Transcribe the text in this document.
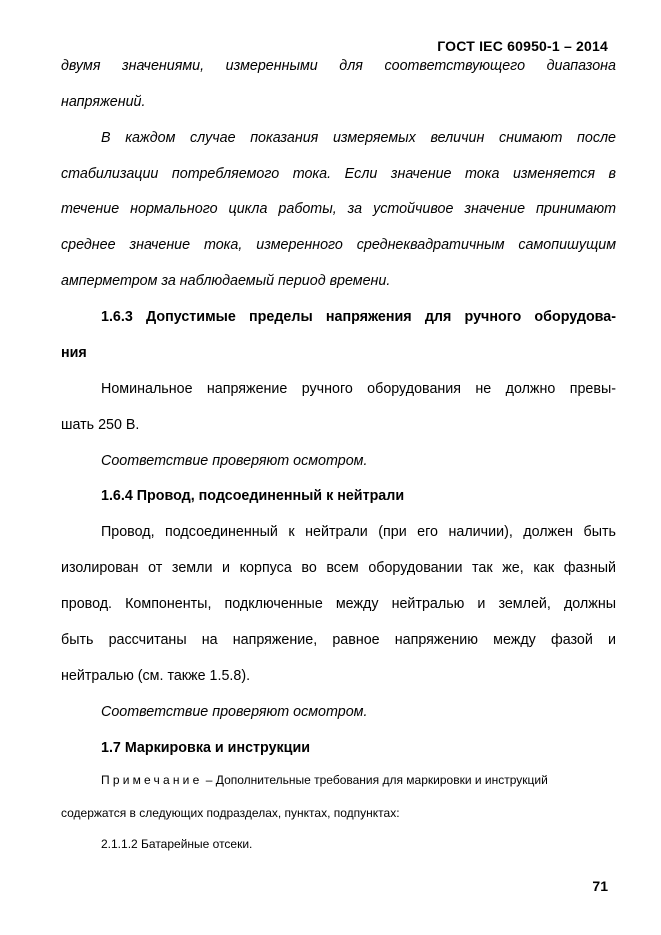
ГОСТ IEC 60950-1 – 2014
двумя значениями, измеренными для соответствующего диапазона
напряжений.
В каждом случае показания измеряемых величин снимают после
стабилизации потребляемого тока. Если значение тока изменяется в
течение нормального цикла работы, за устойчивое значение принимают
среднее значение тока, измеренного среднеквадратичным самопишущим
амперметром за наблюдаемый период времени.
1.6.3 Допустимые пределы напряжения для ручного оборудова-
ния
Номинальное напряжение ручного оборудования не должно превы-
шать 250 В.
Соответствие проверяют осмотром.
1.6.4 Провод, подсоединенный к нейтрали
Провод, подсоединенный к нейтрали (при его наличии), должен быть
изолирован от земли и корпуса во всем оборудовании так же, как фазный
провод. Компоненты, подключенные между нейтралью и землей, должны
быть рассчитаны на напряжение, равное напряжению между фазой и
нейтралью (см. также 1.5.8).
Соответствие проверяют осмотром.
1.7 Маркировка и инструкции
Примечание – Дополнительные требования для маркировки и инструкций
содержатся в следующих подразделах, пунктах, подпунктах:
2.1.1.2 Батарейные отсеки.
71
